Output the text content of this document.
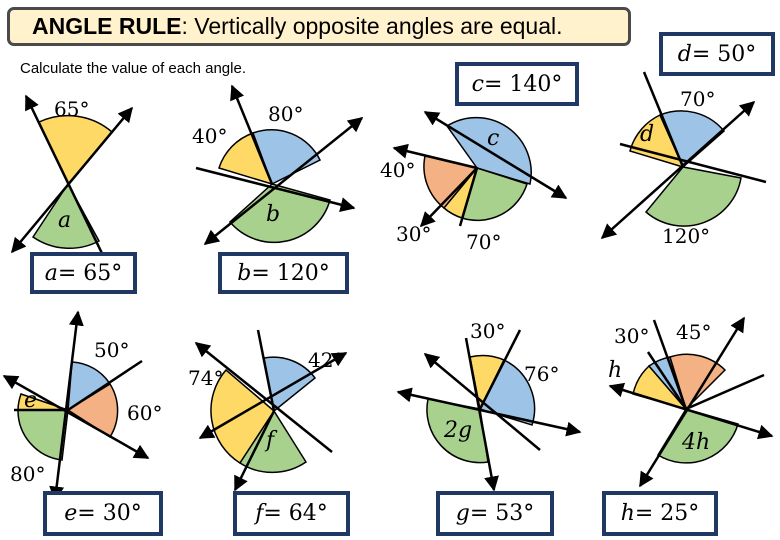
ANGLE RULE : Vertically opposite angles are equal.
Calculate the value of each angle.
65°
a
40°
80°
b
c
40°
30° 70°
d
70°
120°
50°
60°
80°
e
74°
42°
f
30°
76°
2g
30° 45°
h
4h
a = 65°	b = 120°
c = 140°
d = 50°
e = 30°	f = 64°	g = 53°	h = 25°
